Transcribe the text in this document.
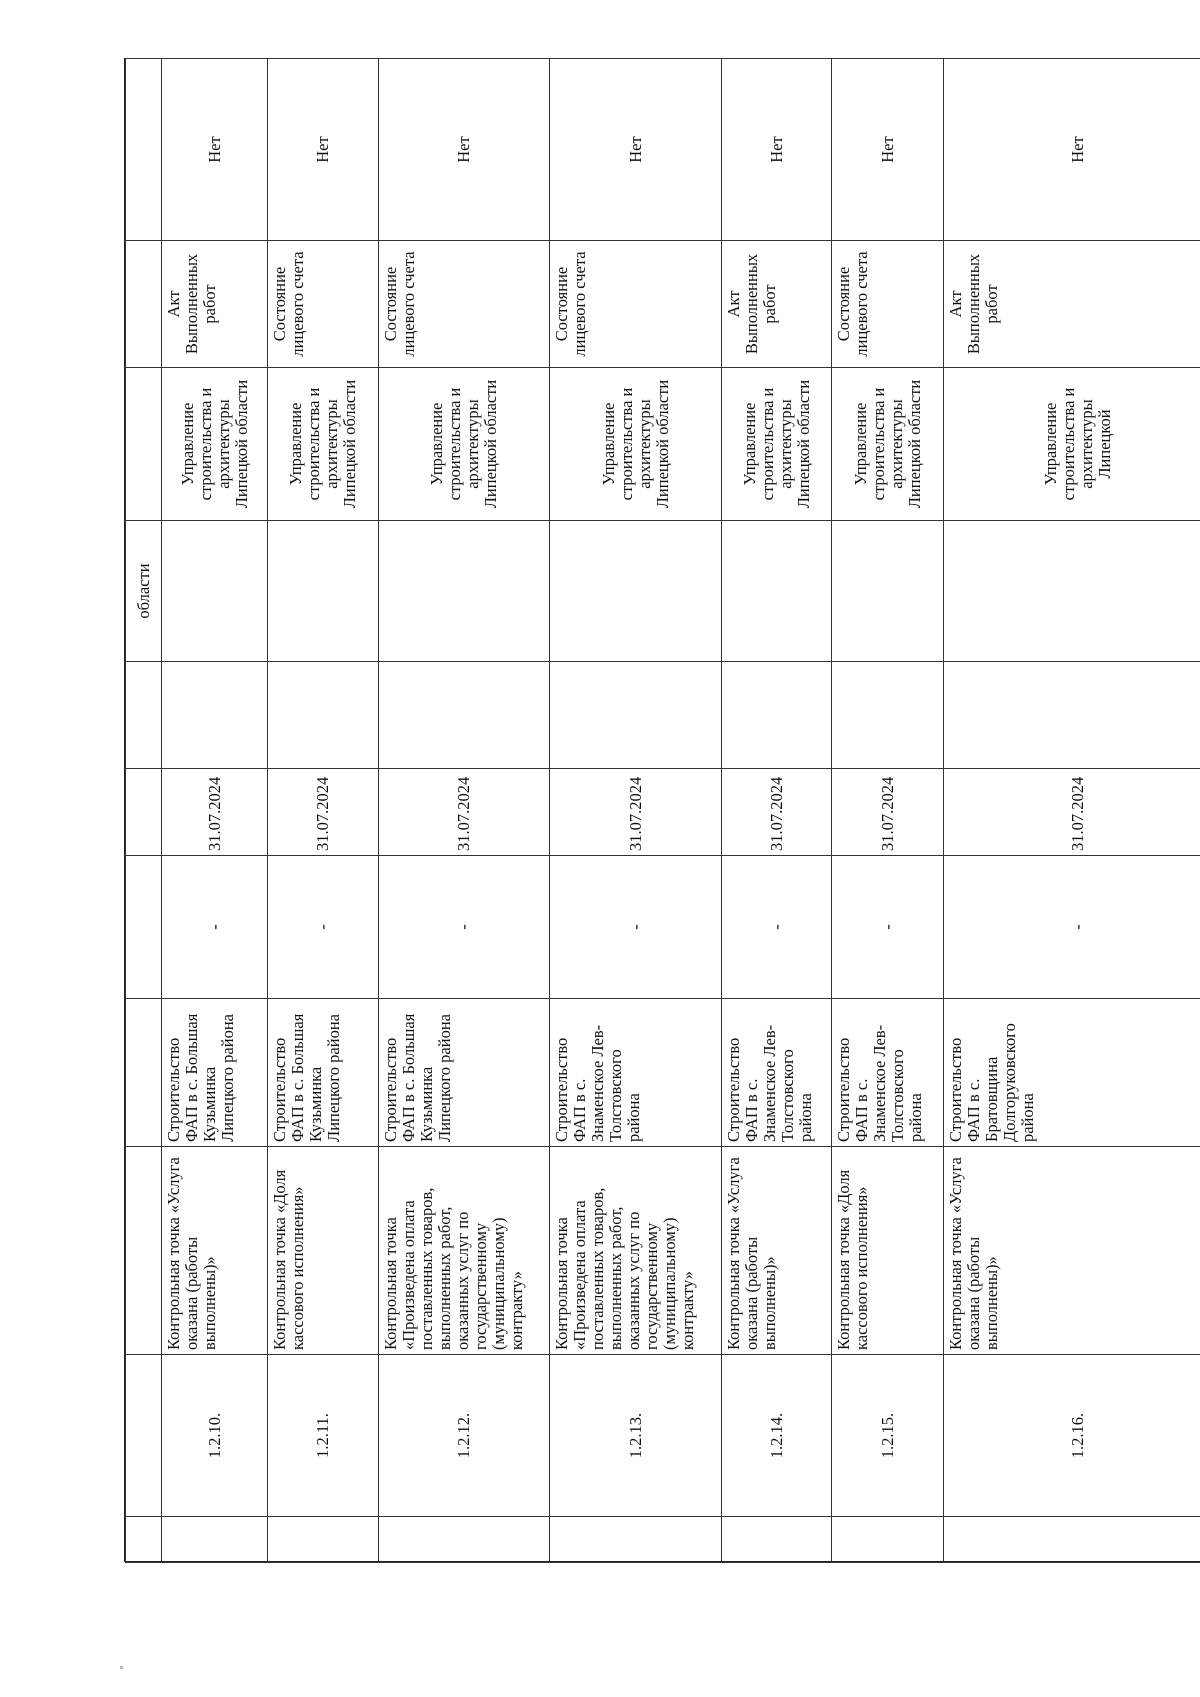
							области				
	1.2.10.	Контрольная точка «Услуга оказана (работы выполнены)»	Строительство ФАП в с. Большая Кузьминка Липецкого района	-	31.07.2024			Управление строительства и архитектуры Липецкой области	Акт Выполненных работ	Нет	
	1.2.11.	Контрольная точка «Доля кассового исполнения»	Строительство ФАП в с. Большая Кузьминка Липецкого района	-	31.07.2024			Управление строительства и архитектуры Липецкой области	Состояние лицевого счета	Нет	
	1.2.12.	Контрольная точка «Произведена оплата поставленных товаров, выполненных работ, оказанных услуг по государственному (муниципальному) контракту»	Строительство ФАП в с. Большая Кузьминка Липецкого района	-	31.07.2024			Управление строительства и архитектуры Липецкой области	Состояние лицевого счета	Нет	
	1.2.13.	Контрольная точка «Произведена оплата поставленных товаров, выполненных работ, оказанных услуг по государственному (муниципальному) контракту»	Строительство ФАП в с. Знаменское Лев-Толстовского района	-	31.07.2024			Управление строительства и архитектуры Липецкой области	Состояние лицевого счета	Нет	
	1.2.14.	Контрольная точка «Услуга оказана (работы выполнены)»	Строительство ФАП в с. Знаменское Лев-Толстовского района	-	31.07.2024			Управление строительства и архитектуры Липецкой области	Акт Выполненных работ	Нет	
	1.2.15.	Контрольная точка «Доля кассового исполнения»	Строительство ФАП в с. Знаменское Лев-Толстовского района	-	31.07.2024			Управление строительства и архитектуры Липецкой области	Состояние лицевого счета	Нет	
	1.2.16.	Контрольная точка «Услуга оказана (работы выполнены)»	Строительство ФАП в с. Братовщина Долгоруковского района	-	31.07.2024			Управление строительства и архитектуры Липецкой	Акт Выполненных работ	Нет	
